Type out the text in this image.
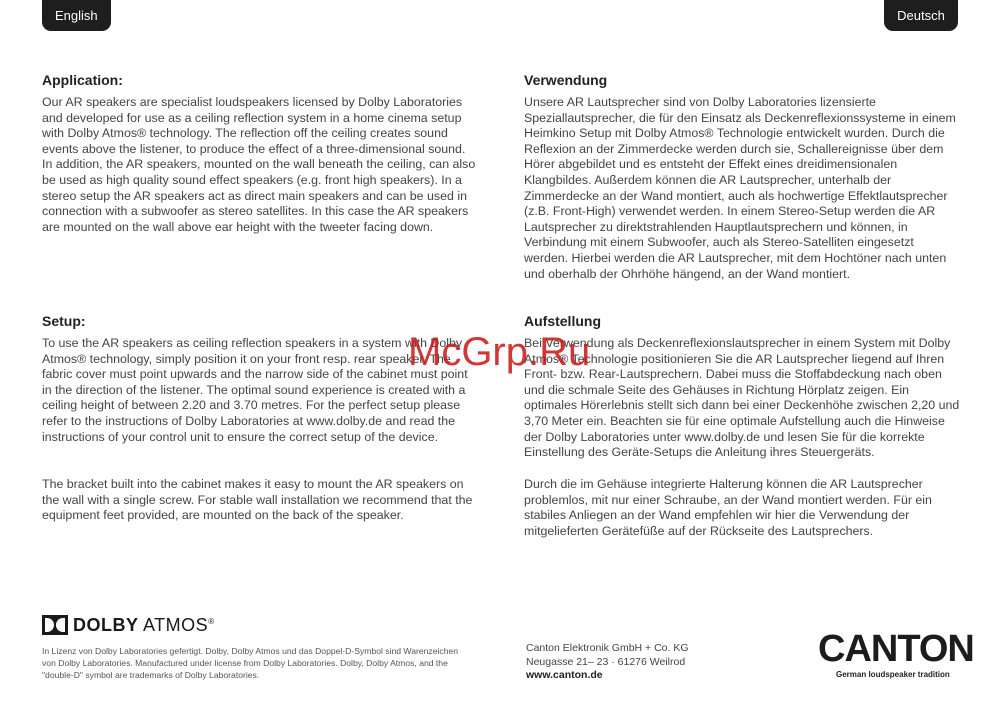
English	Deutsch
Application:

Our AR speakers are specialist loudspeakers licensed by Dolby Laboratories and developed for use as a ceiling reflection system in a home cinema setup with Dolby Atmos® technology. The reflection off the ceiling creates sound events above the listener, to produce the effect of a three-dimensional sound. In addition, the AR speakers, mounted on the wall beneath the ceiling, can also be used as high quality sound effect speakers (e.g. front high speakers). In a stereo setup the AR speakers act as direct main speakers and can be used in connection with a subwoofer as stereo satellites. In this case the AR speakers are mounted on the wall above ear height with the tweeter facing down.

Setup:

To use the AR speakers as ceiling reflection speakers in a system with Dolby Atmos® technology, simply position it on your front resp. rear speaker. The fabric cover must point upwards and the narrow side of the cabinet must point in the direction of the listener. The optimal sound experience is created with a ceiling height of between 2.20 and 3.70 metres. For the perfect setup please refer to the instructions of Dolby Laboratories at www.dolby.de and read the instructions of your control unit to ensure the correct setup of the device.

The bracket built into the cabinet makes it easy to mount the AR speakers on the wall with a single screw. For stable wall installation we recommend that the equipment feet provided, are mounted on the back of the speaker.

Verwendung

Unsere AR Lautsprecher sind von Dolby Laboratories lizensierte Speziallautsprecher, die für den Einsatz als Deckenreflexionssysteme in einem Heimkino Setup mit Dolby Atmos® Technologie entwickelt wurden. Durch die Reflexion an der Zimmerdecke werden durch sie, Schallereignisse über dem Hörer abgebildet und es entsteht der Effekt eines dreidimensionalen Klangbildes. Außerdem können die AR Lautsprecher, unterhalb der Zimmerdecke an der Wand montiert, auch als hochwertige Effektlautsprecher (z.B. Front-High) verwendet werden. In einem Stereo-Setup werden die AR Lautsprecher zu direktstrahlenden Hauptlautsprechern und können, in Verbindung mit einem Subwoofer, auch als Stereo-Satelliten eingesetzt werden. Hierbei werden die AR Lautsprecher, mit dem Hochtöner nach unten und oberhalb der Ohrhöhe hängend, an der Wand montiert.

Aufstellung

Bei Verwendung als Deckenreflexionslautsprecher in einem System mit Dolby Atmos® Technologie positionieren Sie die AR Lautsprecher liegend auf Ihren Front- bzw. Rear-Lautsprechern. Dabei muss die Stoffabdeckung nach oben und die schmale Seite des Gehäuses in Richtung Hörplatz zeigen. Ein optimales Hörerlebnis stellt sich dann bei einer Deckenhöhe zwischen 2,20 und 3,70 Meter ein. Beachten sie für eine optimale Aufstellung auch die Hinweise der Dolby Laboratories unter www.dolby.de und lesen Sie für die korrekte Einstellung des Geräte-Setups die Anleitung ihres Steuergeräts.

Durch die im Gehäuse integrierte Halterung können die AR Lautsprecher problemlos, mit nur einer Schraube, an der Wand montiert werden. Für ein stabiles Anliegen an der Wand empfehlen wir hier die Verwendung der mitgelieferten Gerätefüße auf der Rückseite des Lautsprechers.

DOLBY ATMOS®

In Lizenz von Dolby Laboratories gefertigt. Dolby, Dolby Atmos und das Doppel-D-Symbol sind Warenzeichen von Dolby Laboratories. Manufactured under license from Dolby Laboratories. Dolby, Dolby Atmos, and the "double-D" symbol are trademarks of Dolby Laboratories.

Canton Elektronik GmbH + Co. KG
Neugasse 21– 23 · 61276 Weilrod
www.canton.de
CANTON
German loudspeaker tradition
McGrp.Ru
